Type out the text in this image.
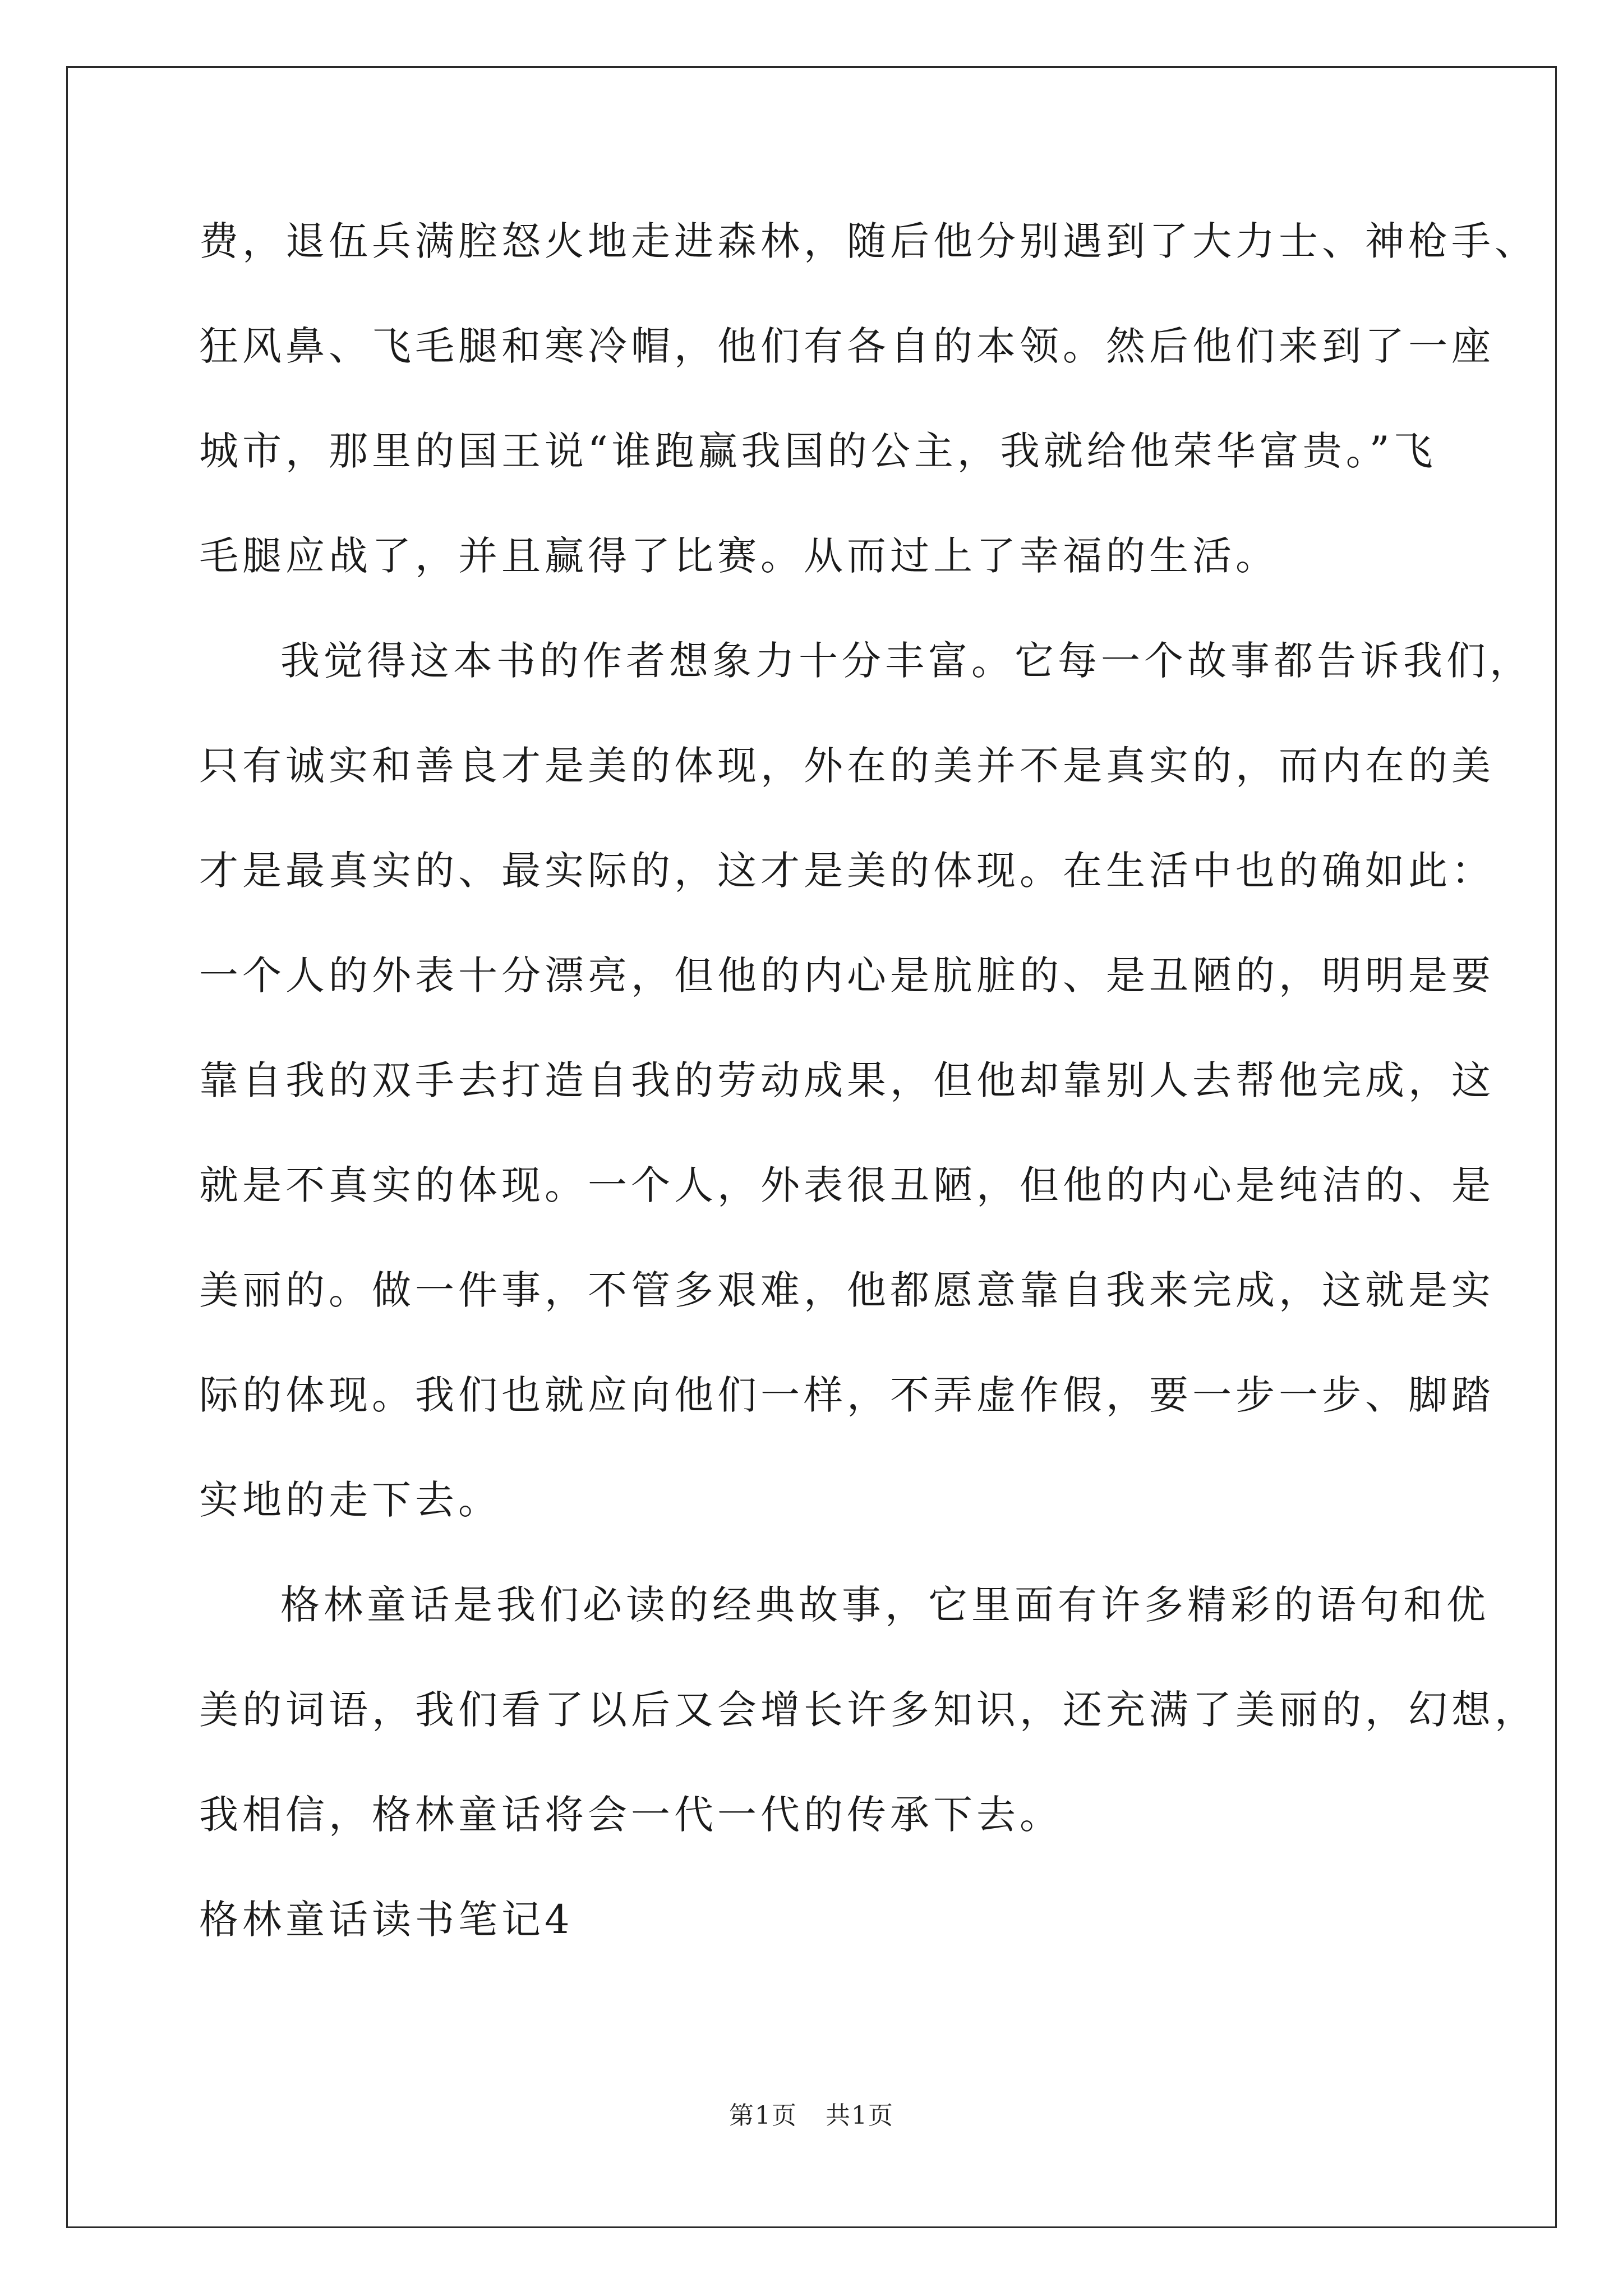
费，退伍兵满腔怒火地走进森林，随后他分别遇到了大力士、神枪手、
狂风鼻、飞毛腿和寒冷帽，他们有各自的本领。然后他们来到了一座
城市，那里的国王说“谁跑赢我国的公主，我就给他荣华富贵。”飞
毛腿应战了，并且赢得了比赛。从而过上了幸福的生活。
我觉得这本书的作者想象力十分丰富。它每一个故事都告诉我们，
只有诚实和善良才是美的体现，外在的美并不是真实的，而内在的美
才是最真实的、最实际的，这才是美的体现。在生活中也的确如此：
一个人的外表十分漂亮，但他的内心是肮脏的、是丑陋的，明明是要
靠自我的双手去打造自我的劳动成果，但他却靠别人去帮他完成，这
就是不真实的体现。一个人，外表很丑陋，但他的内心是纯洁的、是
美丽的。做一件事，不管多艰难，他都愿意靠自我来完成，这就是实
际的体现。我们也就应向他们一样，不弄虚作假，要一步一步、脚踏
实地的走下去。
格林童话是我们必读的经典故事，它里面有许多精彩的语句和优
美的词语，我们看了以后又会增长许多知识，还充满了美丽的，幻想，
我相信，格林童话将会一代一代的传承下去。
格林童话读书笔记4
第1页 共1页
